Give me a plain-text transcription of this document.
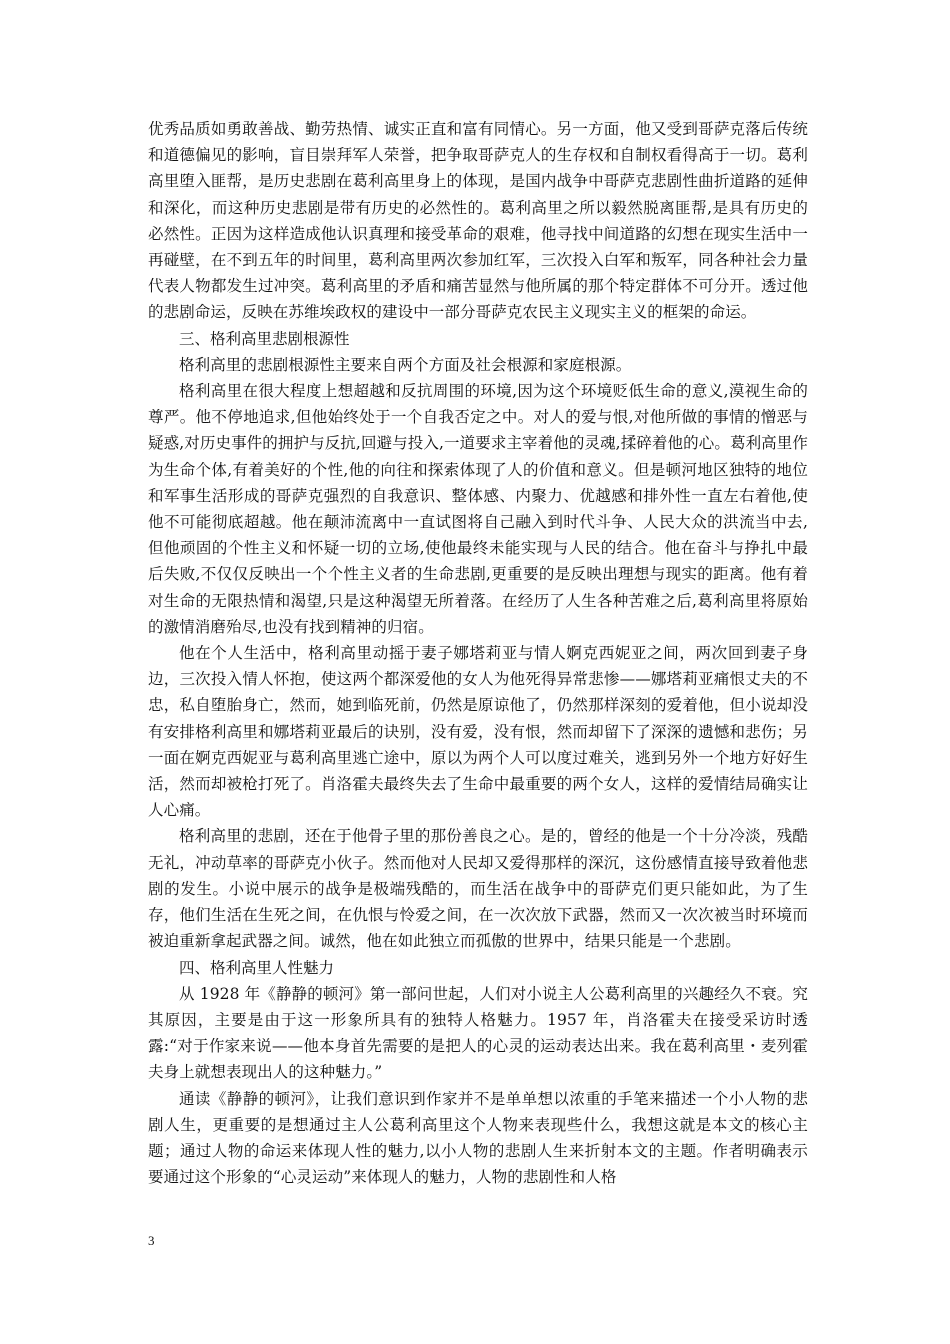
优秀品质如勇敢善战、勤劳热情、诚实正直和富有同情心。另一方面，他又受到哥萨克落后传统和道德偏见的影响，盲目崇拜军人荣誉，把争取哥萨克人的生存权和自制权看得高于一切。葛利高里堕入匪帮，是历史悲剧在葛利高里身上的体现，是国内战争中哥萨克悲剧性曲折道路的延伸和深化，而这种历史悲剧是带有历史的必然性的。葛利高里之所以毅然脱离匪帮,是具有历史的必然性。正因为这样造成他认识真理和接受革命的艰难，他寻找中间道路的幻想在现实生活中一再碰壁，在不到五年的时间里，葛利高里两次参加红军，三次投入白军和叛军，同各种社会力量代表人物都发生过冲突。葛利高里的矛盾和痛苦显然与他所属的那个特定群体不可分开。透过他的悲剧命运，反映在苏维埃政权的建设中一部分哥萨克农民主义现实主义的框架的命运。

三、格利高里悲剧根源性

格利高里的悲剧根源性主要来自两个方面及社会根源和家庭根源。

格利高里在很大程度上想超越和反抗周围的环境,因为这个环境贬低生命的意义,漠视生命的尊严。他不停地追求,但他始终处于一个自我否定之中。对人的爱与恨,对他所做的事情的憎恶与疑惑,对历史事件的拥护与反抗,回避与投入,一道要求主宰着他的灵魂,揉碎着他的心。葛利高里作为生命个体,有着美好的个性,他的向往和探索体现了人的价值和意义。但是顿河地区独特的地位和军事生活形成的哥萨克强烈的自我意识、整体感、内聚力、优越感和排外性一直左右着他,使他不可能彻底超越。他在颠沛流离中一直试图将自己融入到时代斗争、人民大众的洪流当中去,但他顽固的个性主义和怀疑一切的立场,使他最终未能实现与人民的结合。他在奋斗与挣扎中最后失败,不仅仅反映出一个个性主义者的生命悲剧,更重要的是反映出理想与现实的距离。他有着对生命的无限热情和渴望,只是这种渴望无所着落。在经历了人生各种苦难之后,葛利高里将原始的激情消磨殆尽,也没有找到精神的归宿。

他在个人生活中，格利高里动摇于妻子娜塔莉亚与情人婀克西妮亚之间，两次回到妻子身边，三次投入情人怀抱，使这两个都深爱他的女人为他死得异常悲惨——娜塔莉亚痛恨丈夫的不忠，私自堕胎身亡，然而，她到临死前，仍然是原谅他了，仍然那样深刻的爱着他，但小说却没有安排格利高里和娜塔莉亚最后的诀别，没有爱，没有恨，然而却留下了深深的遗憾和悲伤；另一面在婀克西妮亚与葛利高里逃亡途中，原以为两个人可以度过难关，逃到另外一个地方好好生活，然而却被枪打死了。肖洛霍夫最终失去了生命中最重要的两个女人，这样的爱情结局确实让人心痛。

格利高里的悲剧，还在于他骨子里的那份善良之心。是的，曾经的他是一个十分冷淡，残酷无礼，冲动草率的哥萨克小伙子。然而他对人民却又爱得那样的深沉，这份感情直接导致着他悲剧的发生。小说中展示的战争是极端残酷的，而生活在战争中的哥萨克们更只能如此，为了生存，他们生活在生死之间，在仇恨与怜爱之间，在一次次放下武器，然而又一次次被当时环境而被迫重新拿起武器之间。诚然，他在如此独立而孤傲的世界中，结果只能是一个悲剧。

四、格利高里人性魅力

从 1928 年《静静的顿河》第一部问世起，人们对小说主人公葛利高里的兴趣经久不衰。究其原因，主要是由于这一形象所具有的独特人格魅力。1957 年，肖洛霍夫在接受采访时透露:“对于作家来说——他本身首先需要的是把人的心灵的运动表达出来。我在葛利高里・麦列霍夫身上就想表现出人的这种魅力。”

通读《静静的顿河》，让我们意识到作家并不是单单想以浓重的手笔来描述一个小人物的悲剧人生，更重要的是想通过主人公葛利高里这个人物来表现些什么，我想这就是本文的核心主题；通过人物的命运来体现人性的魅力,以小人物的悲剧人生来折射本文的主题。作者明确表示要通过这个形象的“心灵运动”来体现人的魅力，人物的悲剧性和人格

3
